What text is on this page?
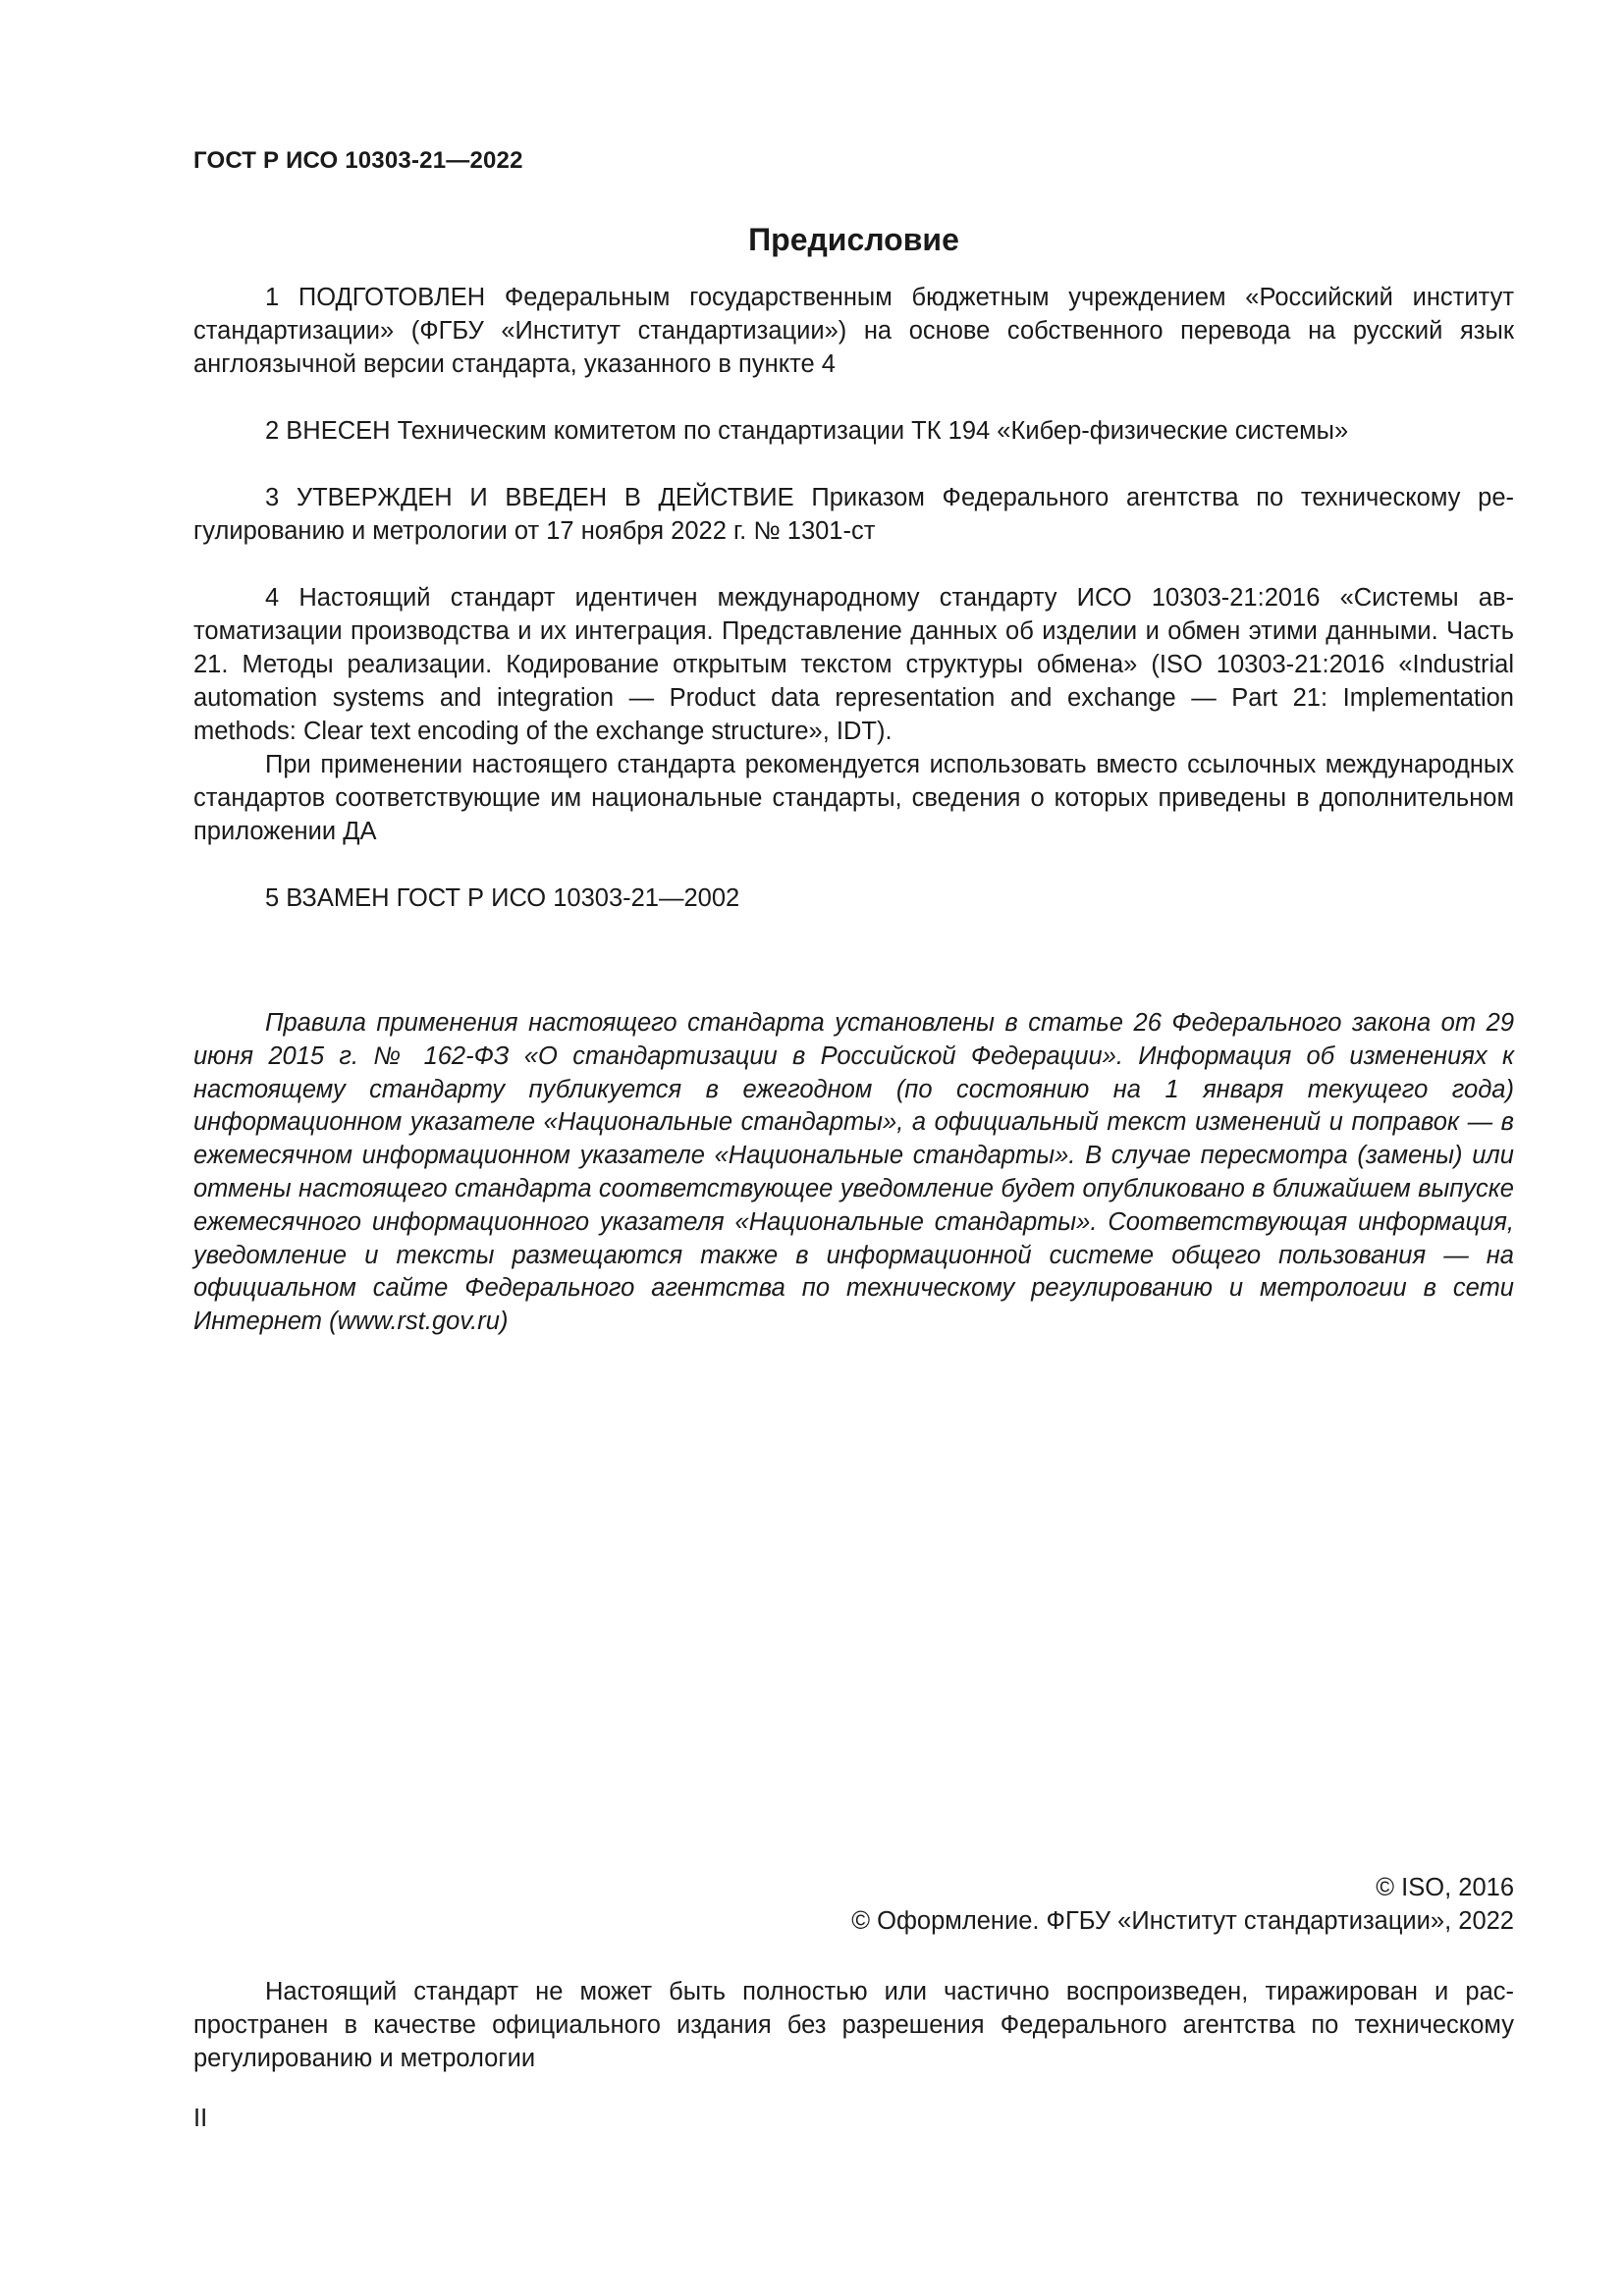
ГОСТ Р ИСО 10303-21—2022
Предисловие

1 ПОДГОТОВЛЕН Федеральным государственным бюджетным учреждением «Российский институт стандартизации» (ФГБУ «Институт стандартизации») на основе собственного перевода на русский язык англоязычной версии стандарта, указанного в пункте 4

2 ВНЕСЕН Техническим комитетом по стандартизации ТК 194 «Кибер-физические системы»

3 УТВЕРЖДЕН И ВВЕДЕН В ДЕЙСТВИЕ Приказом Федерального агентства по техническому регулированию и метрологии от 17 ноября 2022 г. № 1301-ст

4 Настоящий стандарт идентичен международному стандарту ИСО 10303-21:2016 «Системы автоматизации производства и их интеграция. Представление данных об изделии и обмен этими данными. Часть 21. Методы реализации. Кодирование открытым текстом структуры обмена» (ISO 10303-21:2016 «Industrial automation systems and integration — Product data representation and exchange — Part 21: Implementation methods: Clear text encoding of the exchange structure», IDT).

При применении настоящего стандарта рекомендуется использовать вместо ссылочных международных стандартов соответствующие им национальные стандарты, сведения о которых приведены в дополнительном приложении ДА

5 ВЗАМЕН ГОСТ Р ИСО 10303-21—2002

Правила применения настоящего стандарта установлены в статье 26 Федерального закона от 29 июня 2015 г. № 162-ФЗ «О стандартизации в Российской Федерации». Информация об изменениях к настоящему стандарту публикуется в ежегодном (по состоянию на 1 января текущего года) информационном указателе «Национальные стандарты», а официальный текст изменений и поправок — в ежемесячном информационном указателе «Национальные стандарты». В случае пересмотра (замены) или отмены настоящего стандарта соответствующее уведомление будет опубликовано в ближайшем выпуске ежемесячного информационного указателя «Национальные стандарты». Соответствующая информация, уведомление и тексты размещаются также в информационной системе общего пользования — на официальном сайте Федерального агентства по техническому регулированию и метрологии в сети Интернет (www.rst.gov.ru)

© ISO, 2016
© Оформление. ФГБУ «Институт стандартизации», 2022

Настоящий стандарт не может быть полностью или частично воспроизведен, тиражирован и распространен в качестве официального издания без разрешения Федерального агентства по техническому регулированию и метрологии

II
